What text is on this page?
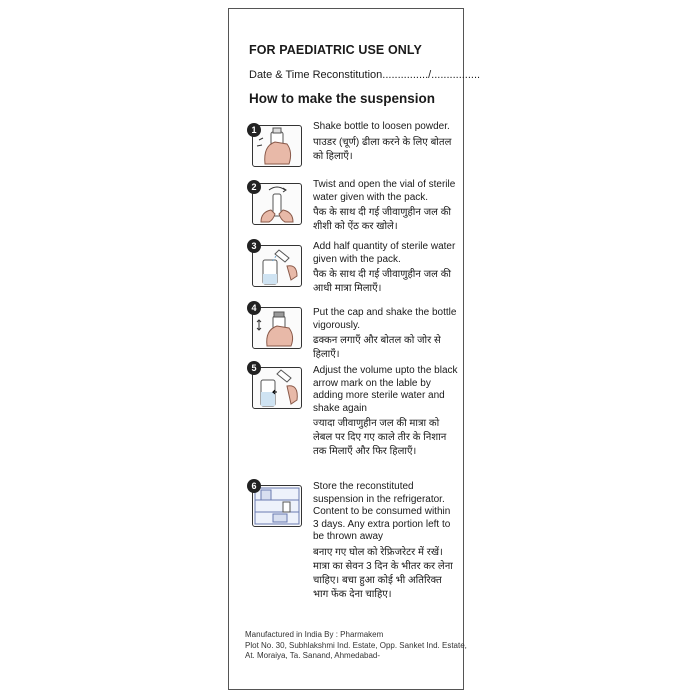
FOR PAEDIATRIC USE ONLY
Date & Time Reconstitution.............../................
How to make the suspension
1	Shake bottle to loosen powder.
पाउडर (चूर्ण) ढीला करने के लिए बोतल को हिलाएँ।
2	Twist and open the vial of sterile water given with the pack.
पैक के साथ दी गई जीवाणुहीन जल की शीशी को ऐंठ कर खोले।
3	Add half quantity of sterile water given with the pack.
पैक के साथ दी गई जीवाणुहीन जल की आधी मात्रा मिलाएँ।
4	Put the cap and shake the bottle vigorously.
ढक्कन लगाएँ और बोतल को जोर से हिलाएँ।
5	Adjust the volume upto the black arrow mark on the lable by adding more sterile water and shake again
ज्यादा जीवाणुहीन जल की मात्रा को लेबल पर दिए गए काले तीर के निशान तक मिलाएँ और फिर हिलाएँ।
6	Store the reconstituted suspension in the refrigerator. Content to be consumed within 3 days. Any extra portion left to be thrown away
बनाए गए घोल को रेफ्रिजरेटर में रखें। मात्रा का सेवन 3 दिन के भीतर कर लेना चाहिए। बचा हुआ कोई भी अतिरिक्त भाग फेंक देना चाहिए।
Manufactured in India By : Pharmakem
Plot No. 30, Subhlakshmi Ind. Estate, Opp. Sanket Ind. Estate,
At. Moraiya, Ta. Sanand, Ahmedabad-
